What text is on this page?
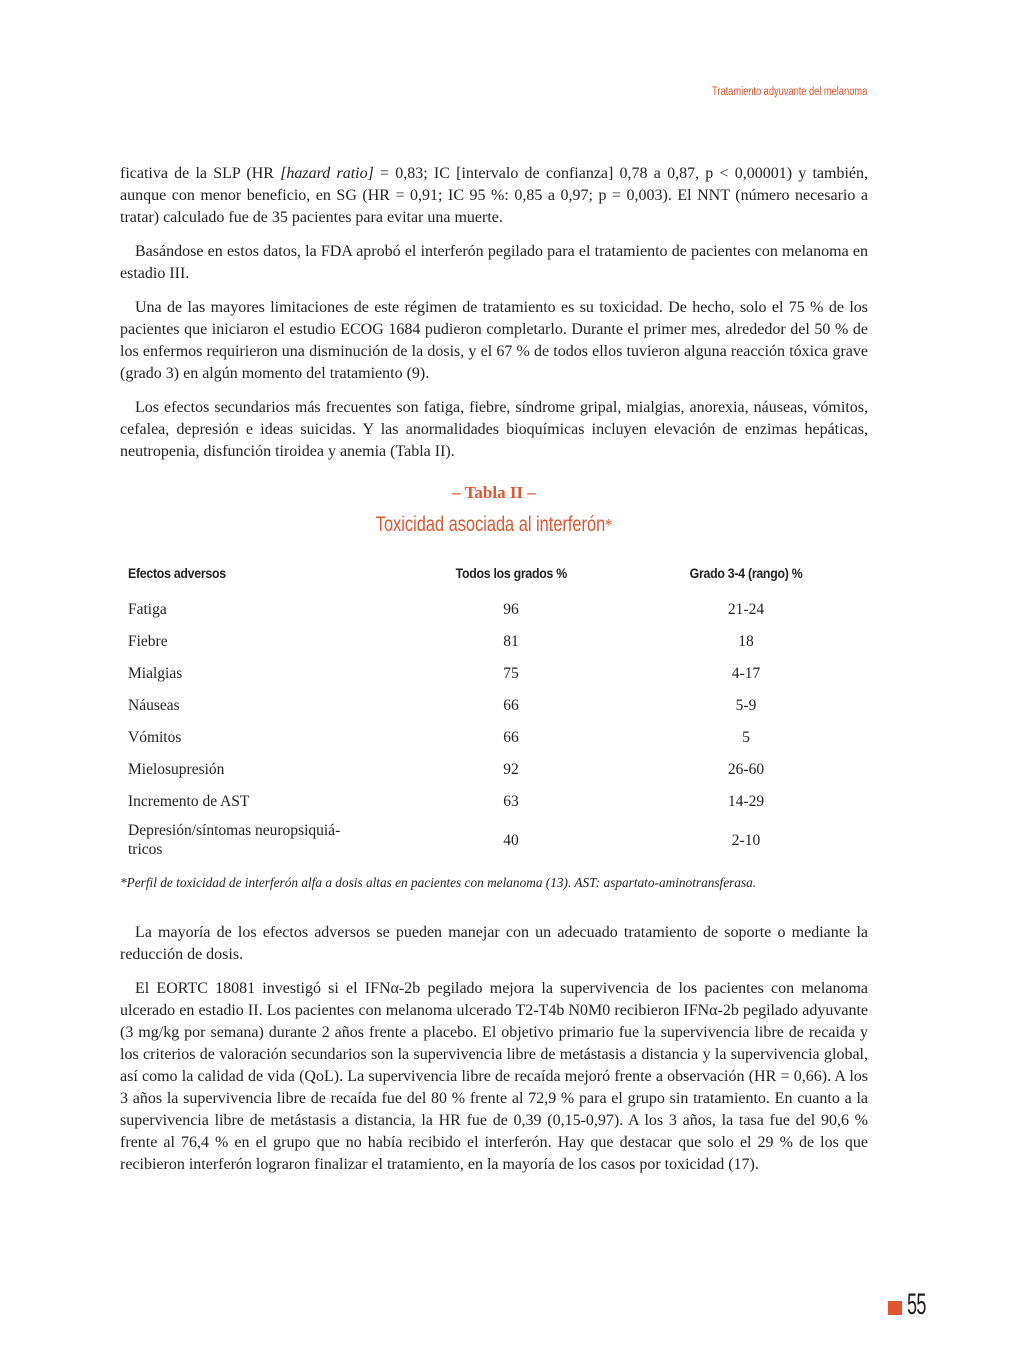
Tratamiento adyuvante del melanoma

ficativa de la SLP (HR [hazard ratio] = 0,83; IC [intervalo de confianza] 0,78 a 0,87, p < 0,00001) y también, aunque con menor beneficio, en SG (HR = 0,91; IC 95 %: 0,85 a 0,97; p = 0,003). El NNT (número necesario a tratar) calculado fue de 35 pacientes para evitar una muerte.

Basándose en estos datos, la FDA aprobó el interferón pegilado para el tratamiento de pacientes con melanoma en estadio III.

Una de las mayores limitaciones de este régimen de tratamiento es su toxicidad. De hecho, solo el 75 % de los pacientes que iniciaron el estudio ECOG 1684 pudieron completarlo. Durante el primer mes, alrededor del 50 % de los enfermos requirieron una disminución de la dosis, y el 67 % de todos ellos tuvieron alguna reacción tóxica grave (grado 3) en algún momento del tratamiento (9).

Los efectos secundarios más frecuentes son fatiga, fiebre, síndrome gripal, mialgias, anorexia, náuseas, vómitos, cefalea, depresión e ideas suicidas. Y las anormalidades bioquímicas incluyen elevación de enzimas hepáticas, neutropenia, disfunción tiroidea y anemia (Tabla II).

– Tabla II –
Toxicidad asociada al interferón*
Efectos adversos	Todos los grados %	Grado 3-4 (rango) %
Fatiga	96	21-24
Fiebre	81	18
Mialgias	75	4-17
Náuseas	66	5-9
Vómitos	66	5
Mielosupresión	92	26-60
Incremento de AST	63	14-29

Depresión/síntomas neuropsiquiá-tricos	40	2-10
*Perfil de toxicidad de interferón alfa a dosis altas en pacientes con melanoma (13). AST: aspartato-aminotransferasa.

La mayoría de los efectos adversos se pueden manejar con un adecuado tratamiento de soporte o mediante la reducción de dosis.

El EORTC 18081 investigó si el IFNα-2b pegilado mejora la supervivencia de los pacientes con melanoma ulcerado en estadio II. Los pacientes con melanoma ulcerado T2-T4b N0M0 recibieron IFNα-2b pegilado adyuvante (3 mg/kg por semana) durante 2 años frente a placebo. El objetivo primario fue la supervivencia libre de recaida y los criterios de valoración secundarios son la supervivencia libre de metástasis a distancia y la supervivencia global, así como la calidad de vida (QoL). La supervivencia libre de recaída mejoró frente a observación (HR = 0,66). A los 3 años la supervivencia libre de recaída fue del 80 % frente al 72,9 % para el grupo sin tratamiento. En cuanto a la supervivencia libre de metástasis a distancia, la HR fue de 0,39 (0,15-0,97). A los 3 años, la tasa fue del 90,6 % frente al 76,4 % en el grupo que no había recibido el interferón. Hay que destacar que solo el 29 % de los que recibieron interferón lograron finalizar el tratamiento, en la mayoría de los casos por toxicidad (17).

55
